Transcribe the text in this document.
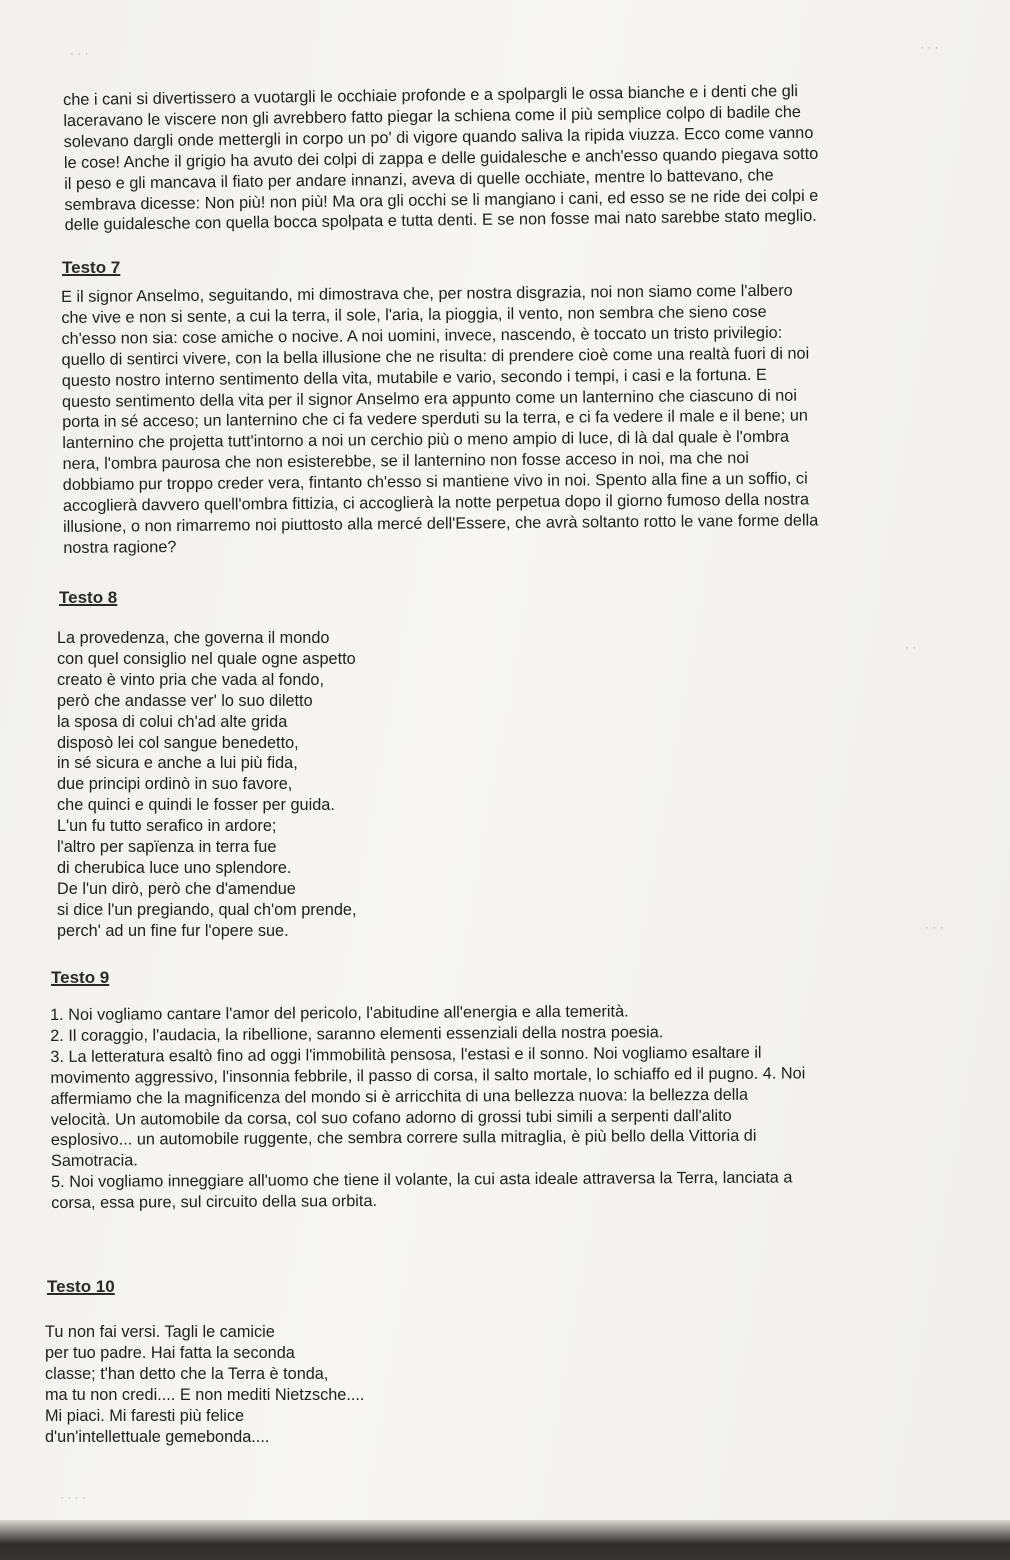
· · ·
· · ·
· ·
· · ·
· · · ·
che i cani si divertissero a vuotargli le occhiaie profonde e a spolpargli le ossa bianche e i denti che gli
laceravano le viscere non gli avrebbero fatto piegar la schiena come il più semplice colpo di badile che
solevano dargli onde mettergli in corpo un po' di vigore quando saliva la ripida viuzza. Ecco come vanno
le cose! Anche il grigio ha avuto dei colpi di zappa e delle guidalesche e anch'esso quando piegava sotto
il peso e gli mancava il fiato per andare innanzi, aveva di quelle occhiate, mentre lo battevano, che
sembrava dicesse: Non più! non più! Ma ora gli occhi se li mangiano i cani, ed esso se ne ride dei colpi e
delle guidalesche con quella bocca spolpata e tutta denti. E se non fosse mai nato sarebbe stato meglio.
Testo 7
E il signor Anselmo, seguitando, mi dimostrava che, per nostra disgrazia, noi non siamo come l'albero
che vive e non si sente, a cui la terra, il sole, l'aria, la pioggia, il vento, non sembra che sieno cose
ch'esso non sia: cose amiche o nocive. A noi uomini, invece, nascendo, è toccato un tristo privilegio:
quello di sentirci vivere, con la bella illusione che ne risulta: di prendere cioè come una realtà fuori di noi
questo nostro interno sentimento della vita, mutabile e vario, secondo i tempi, i casi e la fortuna. E
questo sentimento della vita per il signor Anselmo era appunto come un lanternino che ciascuno di noi
porta in sé acceso; un lanternino che ci fa vedere sperduti su la terra, e ci fa vedere il male e il bene; un
lanternino che projetta tutt'intorno a noi un cerchio più o meno ampio di luce, di là dal quale è l'ombra
nera, l'ombra paurosa che non esisterebbe, se il lanternino non fosse acceso in noi, ma che noi
dobbiamo pur troppo creder vera, fintanto ch'esso si mantiene vivo in noi. Spento alla fine a un soffio, ci
accoglierà davvero quell'ombra fittizia, ci accoglierà la notte perpetua dopo il giorno fumoso della nostra
illusione, o non rimarremo noi piuttosto alla mercé dell'Essere, che avrà soltanto rotto le vane forme della
nostra ragione?
Testo 8
La provedenza, che governa il mondo
con quel consiglio nel quale ogne aspetto
creato è vinto pria che vada al fondo,
però che andasse ver' lo suo diletto
la sposa di colui ch'ad alte grida
disposò lei col sangue benedetto,
in sé sicura e anche a lui più fida,
due principi ordinò in suo favore,
che quinci e quindi le fosser per guida.
L'un fu tutto serafico in ardore;
l'altro per sapïenza in terra fue
di cherubica luce uno splendore.
De l'un dirò, però che d'amendue
si dice l'un pregiando, qual ch'om prende,
perch' ad un fine fur l'opere sue.
Testo 9
1. Noi vogliamo cantare l'amor del pericolo, l'abitudine all'energia e alla temerità.
2. Il coraggio, l'audacia, la ribellione, saranno elementi essenziali della nostra poesia.
3. La letteratura esaltò fino ad oggi l'immobilità pensosa, l'estasi e il sonno. Noi vogliamo esaltare il
movimento aggressivo, l'insonnia febbrile, il passo di corsa, il salto mortale, lo schiaffo ed il pugno. 4. Noi
affermiamo che la magnificenza del mondo si è arricchita di una bellezza nuova: la bellezza della
velocità. Un automobile da corsa, col suo cofano adorno di grossi tubi simili a serpenti dall'alito
esplosivo... un automobile ruggente, che sembra correre sulla mitraglia, è più bello della Vittoria di
Samotracia.
5. Noi vogliamo inneggiare all'uomo che tiene il volante, la cui asta ideale attraversa la Terra, lanciata a
corsa, essa pure, sul circuito della sua orbita.
Testo 10
Tu non fai versi. Tagli le camicie
per tuo padre. Hai fatta la seconda
classe; t'han detto che la Terra è tonda,
ma tu non credi.... E non mediti Nietzsche....
Mi piaci. Mi faresti più felice
d'un'intellettuale gemebonda....
